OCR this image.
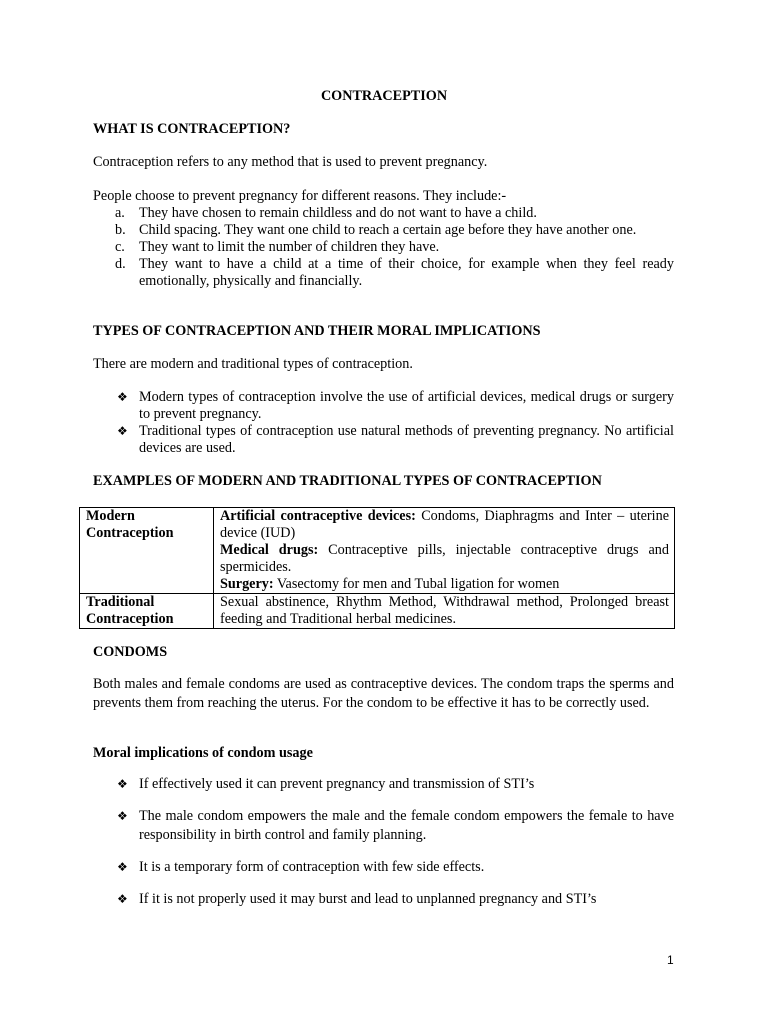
CONTRACEPTION
WHAT IS CONTRACEPTION?
Contraception refers to any method that is used to prevent pregnancy.
People choose to prevent pregnancy for different reasons. They include:-
a. They have chosen to remain childless and do not want to have a child.
b. Child spacing. They want one child to reach a certain age before they have another one.
c. They want to limit the number of children they have.
d. They want to have a child at a time of their choice, for example when they feel ready emotionally, physically and financially.
TYPES OF CONTRACEPTION AND THEIR MORAL IMPLICATIONS
There are modern and traditional types of contraception.
❖ Modern types of contraception involve the use of artificial devices, medical drugs or surgery to prevent pregnancy.
❖ Traditional types of contraception use natural methods of preventing pregnancy. No artificial devices are used.
EXAMPLES OF MODERN AND TRADITIONAL TYPES OF CONTRACEPTION
Modern Contraception	Artificial contraceptive devices: Condoms, Diaphragms and Inter – uterine device (IUD)
Medical drugs: Contraceptive pills, injectable contraceptive drugs and spermicides.
Surgery: Vasectomy for men and Tubal ligation for women

Traditional Contraception	Sexual abstinence, Rhythm Method, Withdrawal method, Prolonged breast feeding and Traditional herbal medicines.
CONDOMS
Both males and female condoms are used as contraceptive devices. The condom traps the sperms and prevents them from reaching the uterus. For the condom to be effective it has to be correctly used.
Moral implications of condom usage
❖ If effectively used it can prevent pregnancy and transmission of STI’s
❖ The male condom empowers the male and the female condom empowers the female to have responsibility in birth control and family planning.
❖ It is a temporary form of contraception with few side effects.
❖ If it is not properly used it may burst and lead to unplanned pregnancy and STI’s
1
